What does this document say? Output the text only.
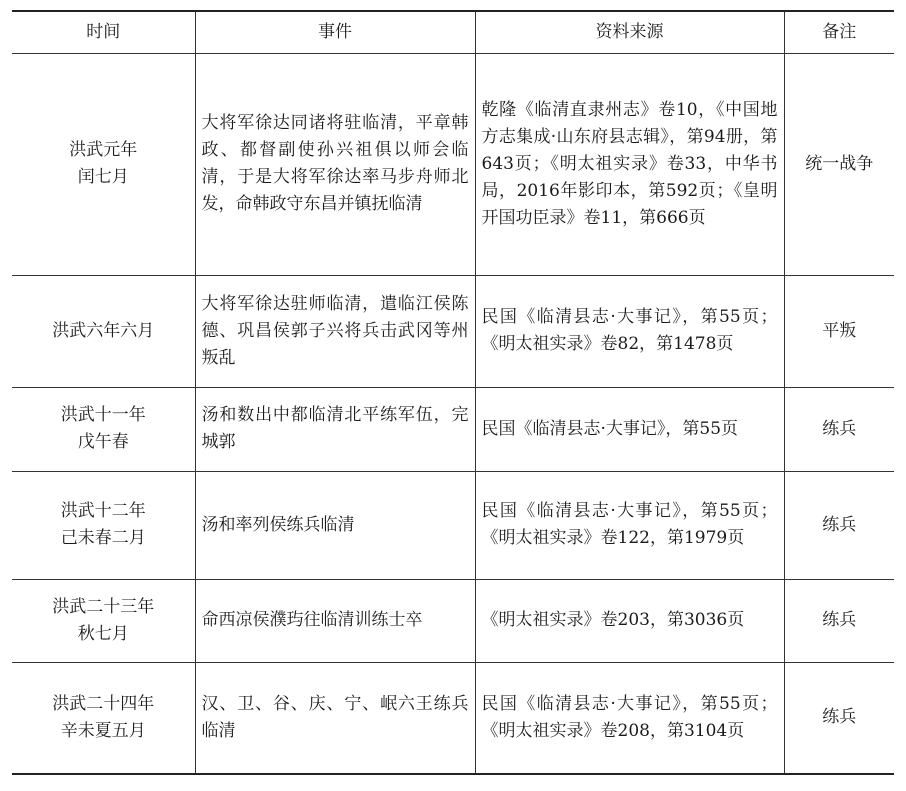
时间	事件	资料来源	备注

洪武元年
闰七月	大将军徐达同诸将驻临清，平章韩政、都督副使孙兴祖俱以师会临清，于是大将军徐达率马步舟师北发，命韩政守东昌并镇抚临清	乾隆《临清直隶州志》卷10，《中国地方志集成·山东府县志辑》，第94册，第643页；《明太祖实录》卷33，中华书局，2016年影印本，第592页；《皇明开国功臣录》卷11，第666页	统一战争

洪武六年六月	大将军徐达驻师临清，遣临江侯陈德、巩昌侯郭子兴将兵击武冈等州叛乱	民国《临清县志·大事记》，第55页；《明太祖实录》卷82，第1478页	平叛

洪武十一年
戊午春	汤和数出中都临清北平练军伍，完城郭	民国《临清县志·大事记》，第55页	练兵

洪武十二年
己未春二月	汤和率列侯练兵临清	民国《临清县志·大事记》，第55页；《明太祖实录》卷122，第1979页	练兵

洪武二十三年
秋七月	命西凉侯濮玙往临清训练士卒	《明太祖实录》卷203，第3036页	练兵

洪武二十四年
辛未夏五月	汉、卫、谷、庆、宁、岷六王练兵临清	民国《临清县志·大事记》，第55页；《明太祖实录》卷208，第3104页	练兵
